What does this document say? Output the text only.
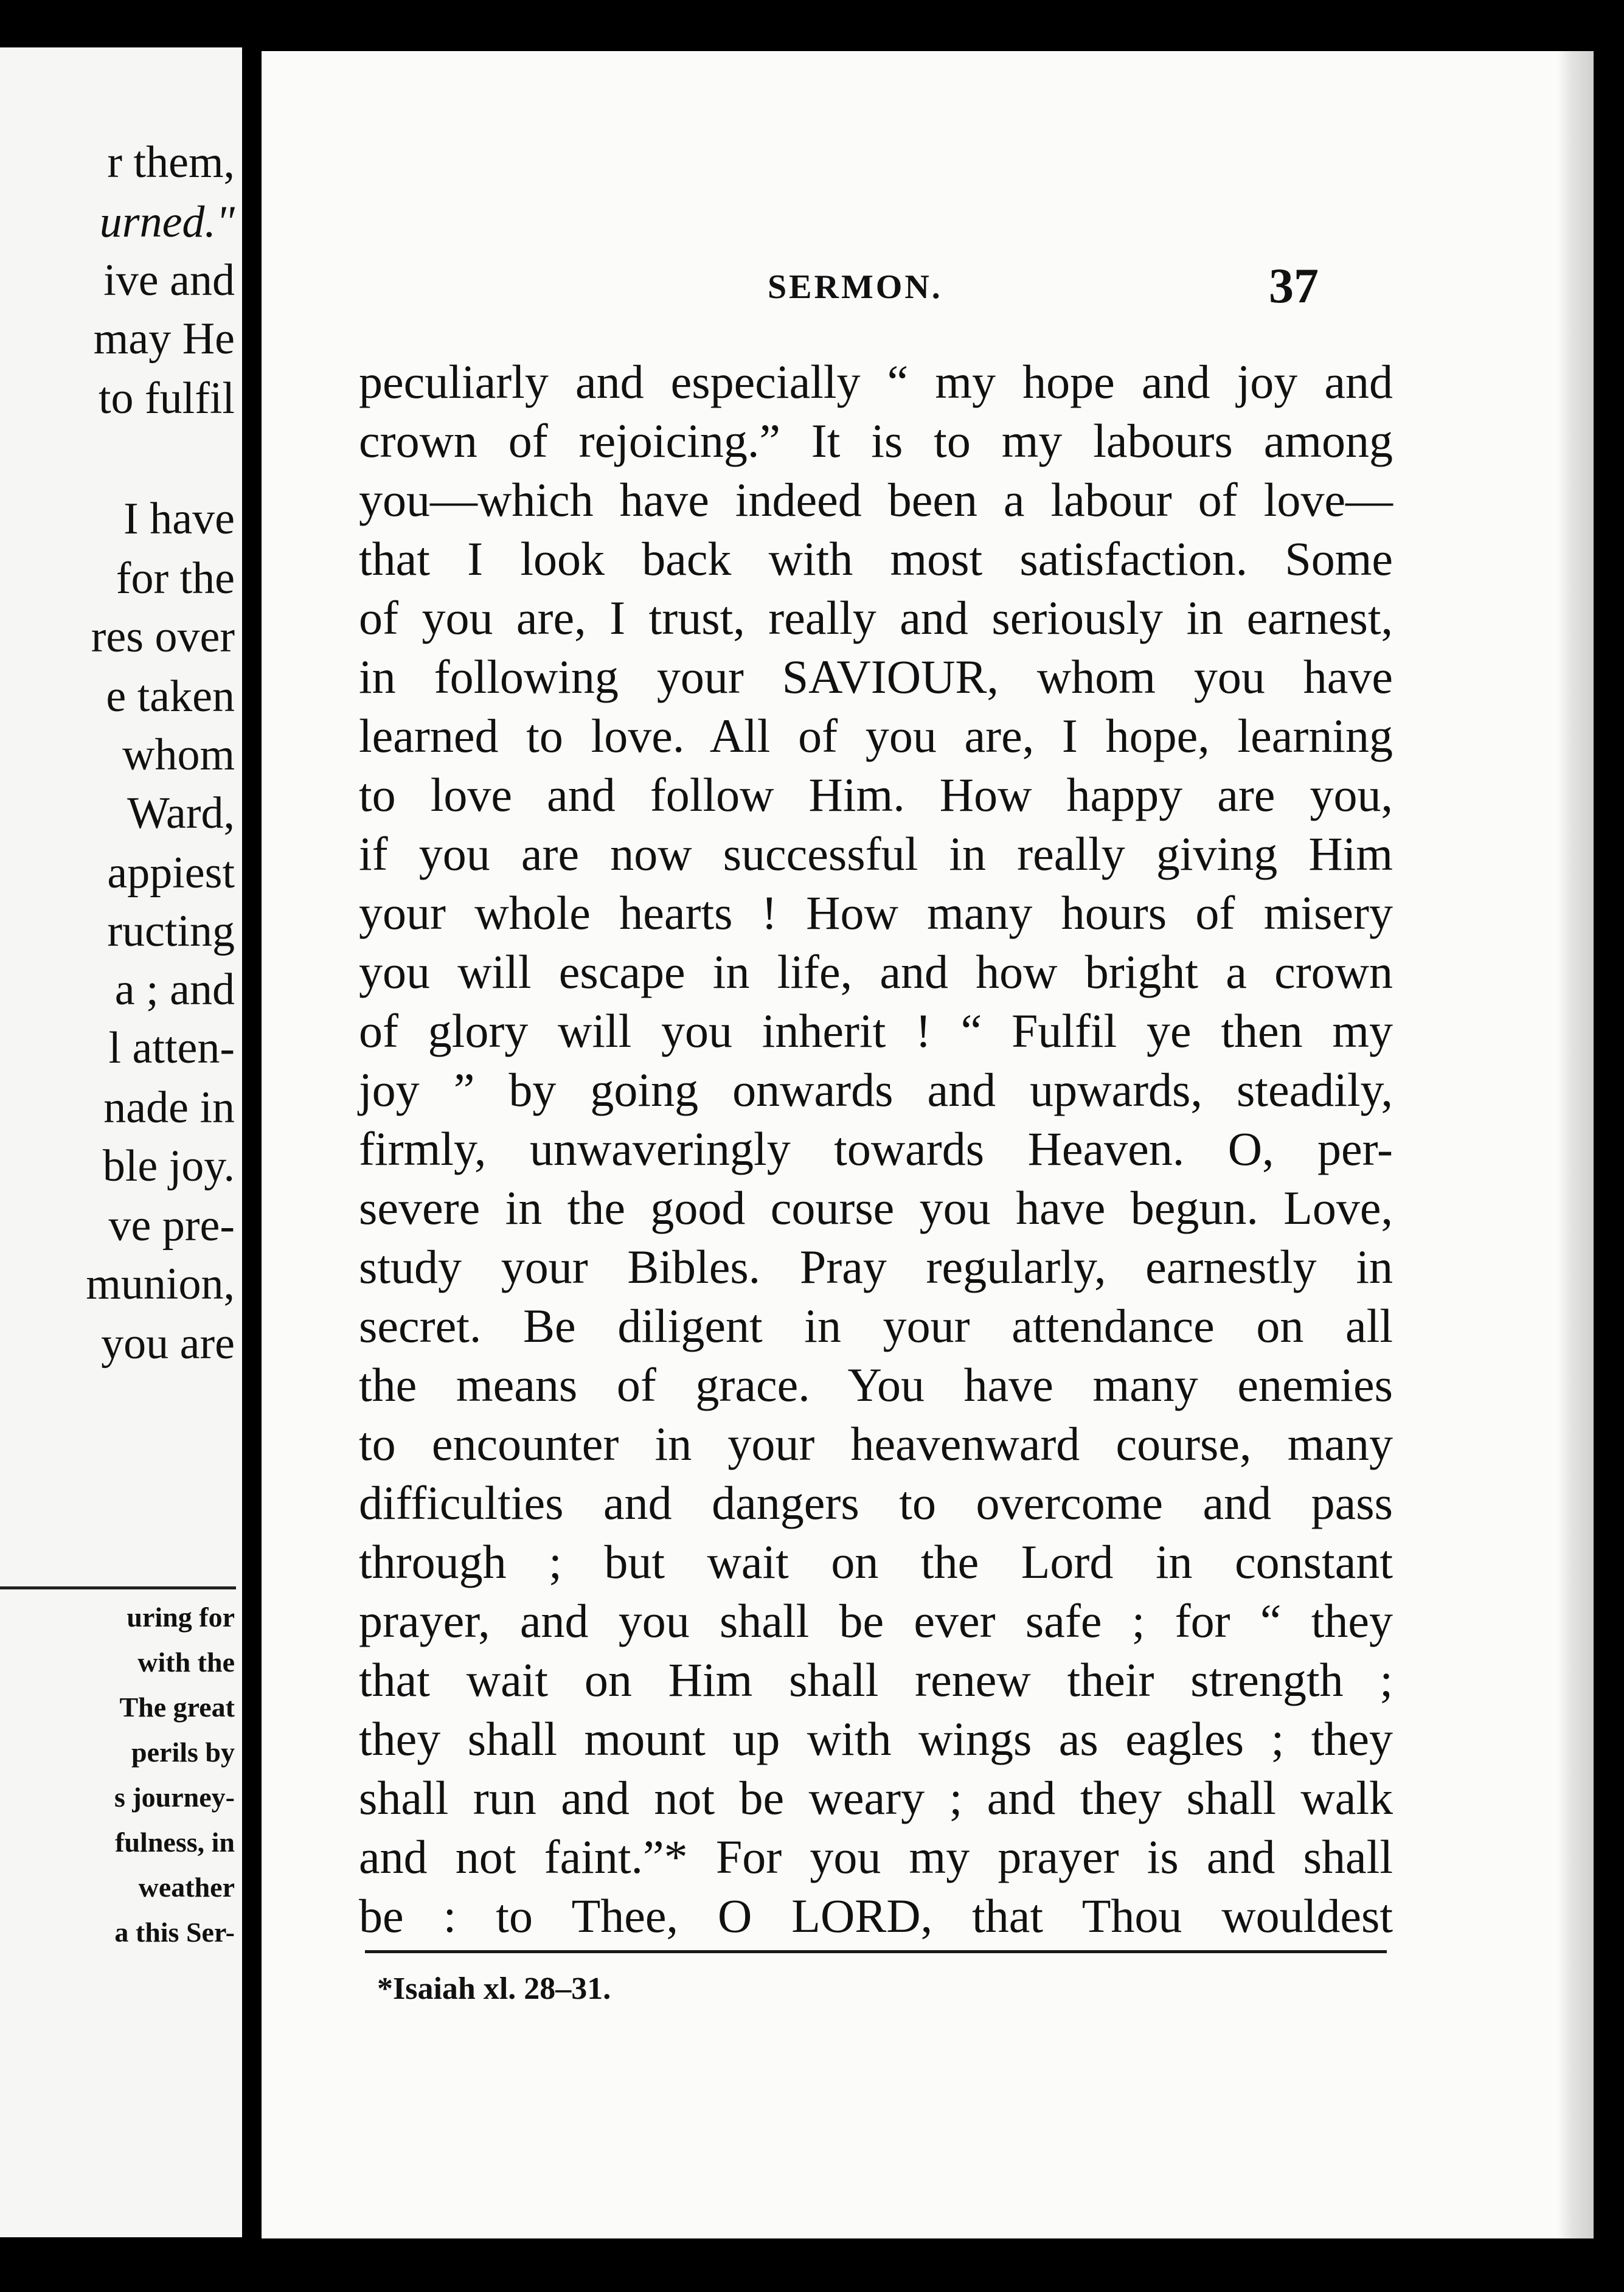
r them,
urned."
ive and
may He
to fulfil
I have
for the
res over
e taken
whom
Ward,
appiest
ructing
a ; and
l atten-
nade in
ble joy.
ve pre-
munion,
you are
uring for
with the
The great
perils by
s journey-
fulness, in
weather
a this Ser-
SERMON.	37
peculiarly and especially “ my hope and joy and
crown of rejoicing.” It is to my labours among
you—which have indeed been a labour of love—
that I look back with most satisfaction. Some
of you are, I trust, really and seriously in earnest,
in following your SAVIOUR, whom you have
learned to love. All of you are, I hope, learning
to love and follow Him. How happy are you,
if you are now successful in really giving Him
your whole hearts ! How many hours of misery
you will escape in life, and how bright a crown
of glory will you inherit ! “ Fulfil ye then my
joy ” by going onwards and upwards, steadily,
firmly, unwaveringly towards Heaven. O, per-
severe in the good course you have begun. Love,
study your Bibles. Pray regularly, earnestly in
secret. Be diligent in your attendance on all
the means of grace. You have many enemies
to encounter in your heavenward course, many
difficulties and dangers to overcome and pass
through ; but wait on the Lord in constant
prayer, and you shall be ever safe ; for “ they
that wait on Him shall renew their strength ;
they shall mount up with wings as eagles ; they
shall run and not be weary ; and they shall walk
and not faint.”* For you my prayer is and shall
be : to Thee, O LORD, that Thou wouldest
*Isaiah xl. 28–31.
